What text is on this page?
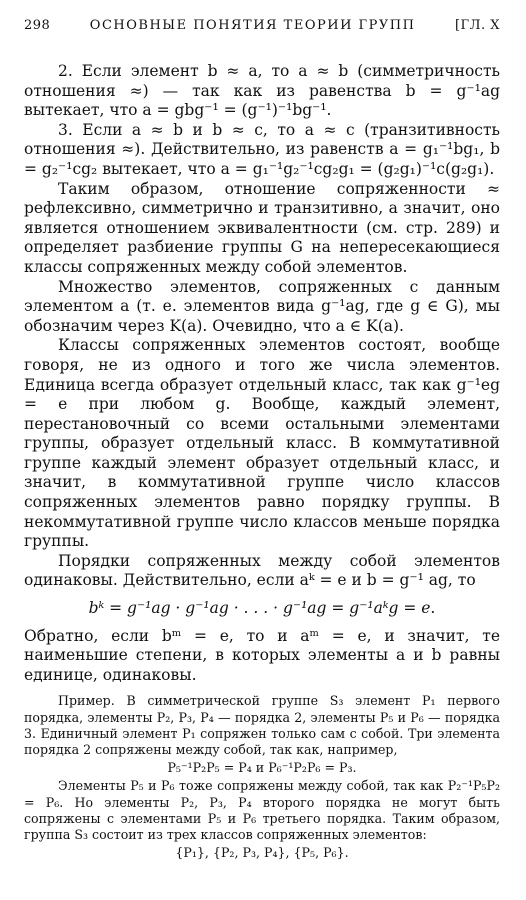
298	ОСНОВНЫЕ ПОНЯТИЯ ТЕОРИИ ГРУПП	[ГЛ. X

2. Если элемент b ≈ a, то a ≈ b (симметричность отношения ≈) — так как из равенства b = g⁻¹ag вытекает, что a = gbg⁻¹ = (g⁻¹)⁻¹bg⁻¹.

3. Если a ≈ b и b ≈ c, то a ≈ c (транзитивность отношения ≈). Действительно, из равенств a = g₁⁻¹bg₁, b = g₂⁻¹cg₂ вытекает, что a = g₁⁻¹g₂⁻¹cg₂g₁ = (g₂g₁)⁻¹c(g₂g₁).

Таким образом, отношение сопряженности ≈ рефлексивно, симметрично и транзитивно, а значит, оно является отношением эквивалентности (см. стр. 289) и определяет разбиение группы G на непересекающиеся классы сопряженных между собой элементов.

Множество элементов, сопряженных с данным элементом a (т. е. элементов вида g⁻¹ag, где g ∈ G), мы обозначим через K(a). Очевидно, что a ∈ K(a).

Классы сопряженных элементов состоят, вообще говоря, не из одного и того же числа элементов. Единица всегда образует отдельный класс, так как g⁻¹eg = e при любом g. Вообще, каждый элемент, перестановочный со всеми остальными элементами группы, образует отдельный класс. В коммутативной группе каждый элемент образует отдельный класс, и значит, в коммутативной группе число классов сопряженных элементов равно порядку группы. В некоммутативной группе число классов меньше порядка группы.

Порядки сопряженных между собой элементов одинаковы. Действительно, если aᵏ = e и b = g⁻¹ ag, то

bᵏ = g⁻¹ag · g⁻¹ag · . . . · g⁻¹ag = g⁻¹aᵏg = e.

Обратно, если bᵐ = e, то и aᵐ = e, и значит, те наименьшие степени, в которых элементы a и b равны единице, одинаковы.

Пример. В симметрической группе S₃ элемент P₁ первого порядка, элементы P₂, P₃, P₄ — порядка 2, элементы P₅ и P₆ — порядка 3. Единичный элемент P₁ сопряжен только сам с собой. Три элемента порядка 2 сопряжены между собой, так как, например,

P₅⁻¹P₂P₅ = P₄ и P₆⁻¹P₂P₆ = P₃.

Элементы P₅ и P₆ тоже сопряжены между собой, так как P₂⁻¹P₅P₂ = P₆. Но элементы P₂, P₃, P₄ второго порядка не могут быть сопряжены с элементами P₅ и P₆ третьего порядка. Таким образом, группа S₃ состоит из трех классов сопряженных элементов:

{P₁}, {P₂, P₃, P₄}, {P₅, P₆}.
